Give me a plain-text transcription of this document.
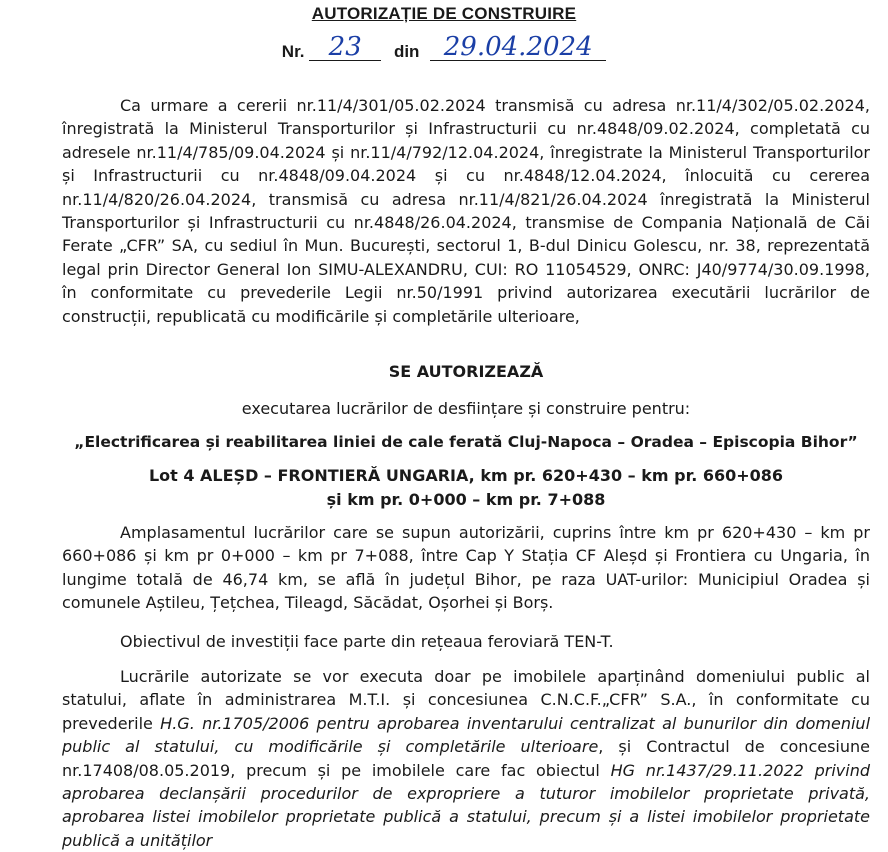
AUTORIZAȚIE DE CONSTRUIRE
Nr. 23 din 29.04.2024

Ca urmare a cererii nr.11/4/301/05.02.2024 transmisă cu adresa nr.11/4/302/05.02.2024, înregistrată la Ministerul Transporturilor și Infrastructurii cu nr.4848/09.02.2024, completată cu adresele nr.11/4/785/09.04.2024 și nr.11/4/792/12.04.2024, înregistrate la Ministerul Transporturilor și Infrastructurii cu nr.4848/09.04.2024 și cu nr.4848/12.04.2024, înlocuită cu cererea nr.11/4/820/26.04.2024, transmisă cu adresa nr.11/4/821/26.04.2024 înregistrată la Ministerul Transporturilor și Infrastructurii cu nr.4848/26.04.2024, transmise de Compania Națională de Căi Ferate „CFR” SA, cu sediul în Mun. București, sectorul 1, B-dul Dinicu Golescu, nr. 38, reprezentată legal prin Director General Ion SIMU-ALEXANDRU, CUI: RO 11054529, ONRC: J40/9774/30.09.1998, în conformitate cu prevederile Legii nr.50/1991 privind autorizarea executării lucrărilor de construcții, republicată cu modificările și completările ulterioare,

SE AUTORIZEAZĂ
executarea lucrărilor de desființare și construire pentru:
„Electrificarea și reabilitarea liniei de cale ferată Cluj-Napoca – Oradea – Episcopia Bihor”
Lot 4 ALEȘD – FRONTIERĂ UNGARIA, km pr. 620+430 – km pr. 660+086
și km pr. 0+000 – km pr. 7+088

Amplasamentul lucrărilor care se supun autorizării, cuprins între km pr 620+430 – km pr 660+086 și km pr 0+000 – km pr 7+088, între Cap Y Stația CF Aleșd și Frontiera cu Ungaria, în lungime totală de 46,74 km, se află în județul Bihor, pe raza UAT-urilor: Municipiul Oradea și comunele Aștileu, Țețchea, Tileagd, Săcădat, Oșorhei și Borș.

Obiectivul de investiții face parte din rețeaua feroviară TEN-T.

Lucrările autorizate se vor executa doar pe imobilele aparținând domeniului public al statului, aflate în administrarea M.T.I. și concesiunea C.N.C.F.„CFR” S.A., în conformitate cu prevederile H.G. nr.1705/2006 pentru aprobarea inventarului centralizat al bunurilor din domeniul public al statului, cu modificările și completările ulterioare, și Contractul de concesiune nr.17408/08.05.2019, precum și pe imobilele care fac obiectul HG nr.1437/29.11.2022 privind aprobarea declanșării procedurilor de expropriere a tuturor imobilelor proprietate privată, aprobarea listei imobilelor proprietate publică a statului, precum și a listei imobilelor proprietate publică a unităților
